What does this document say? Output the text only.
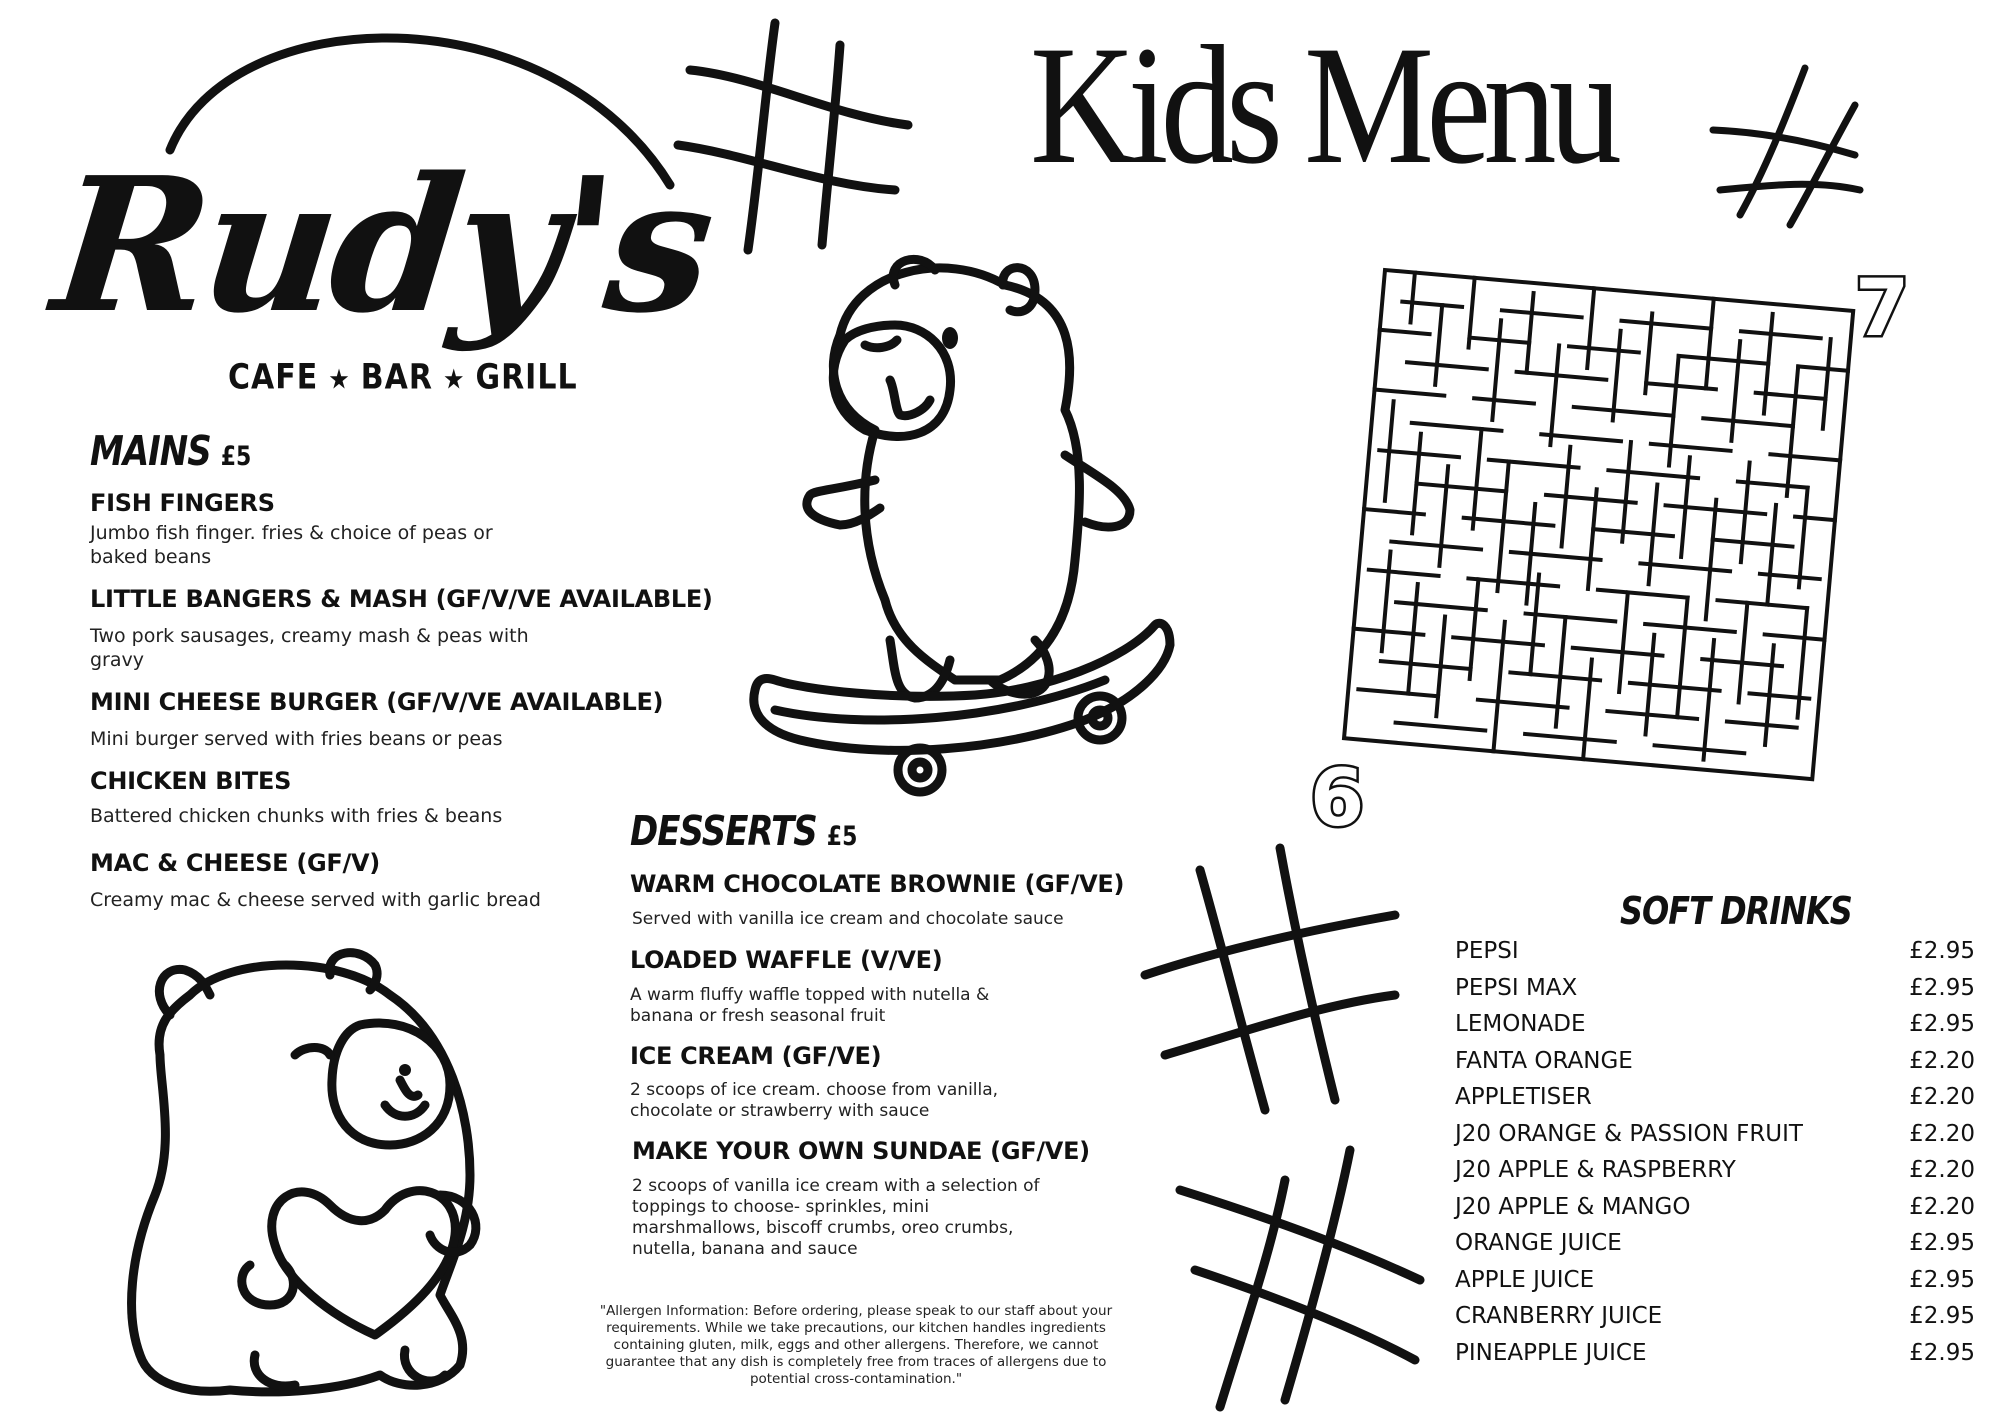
Rudy's
CAFE ★ BAR ★ GRILL
Kids Menu
6
7
MAINS £5
FISH FINGERS
Jumbo fish finger. fries & choice of peas or baked beans
LITTLE BANGERS & MASH (GF/V/VE AVAILABLE)
Two pork sausages, creamy mash & peas with gravy
MINI CHEESE BURGER (GF/V/VE AVAILABLE)
Mini burger served with fries beans or peas
CHICKEN BITES
Battered chicken chunks with fries & beans
MAC & CHEESE (GF/V)
Creamy mac & cheese served with garlic bread
DESSERTS £5
WARM CHOCOLATE BROWNIE (GF/VE)
Served with vanilla ice cream and chocolate sauce
LOADED WAFFLE (V/VE)
A warm fluffy waffle topped with nutella & banana or fresh seasonal fruit
ICE CREAM (GF/VE)
2 scoops of ice cream. choose from vanilla, chocolate or strawberry with sauce
MAKE YOUR OWN SUNDAE (GF/VE)
2 scoops of vanilla ice cream with a selection of toppings to choose- sprinkles, mini marshmallows, biscoff crumbs, oreo crumbs, nutella, banana and sauce
"Allergen Information: Before ordering, please speak to our staff about your requirements. While we take precautions, our kitchen handles ingredients containing gluten, milk, eggs and other allergens. Therefore, we cannot guarantee that any dish is completely free from traces of allergens due to potential cross-contamination."
SOFT DRINKS
PEPSI	£2.95
PEPSI MAX	£2.95
LEMONADE	£2.95
FANTA ORANGE	£2.20
APPLETISER	£2.20
J20 ORANGE & PASSION FRUIT	£2.20
J20 APPLE & RASPBERRY	£2.20
J20 APPLE & MANGO	£2.20
ORANGE JUICE	£2.95
APPLE JUICE	£2.95
CRANBERRY JUICE	£2.95
PINEAPPLE JUICE	£2.95
